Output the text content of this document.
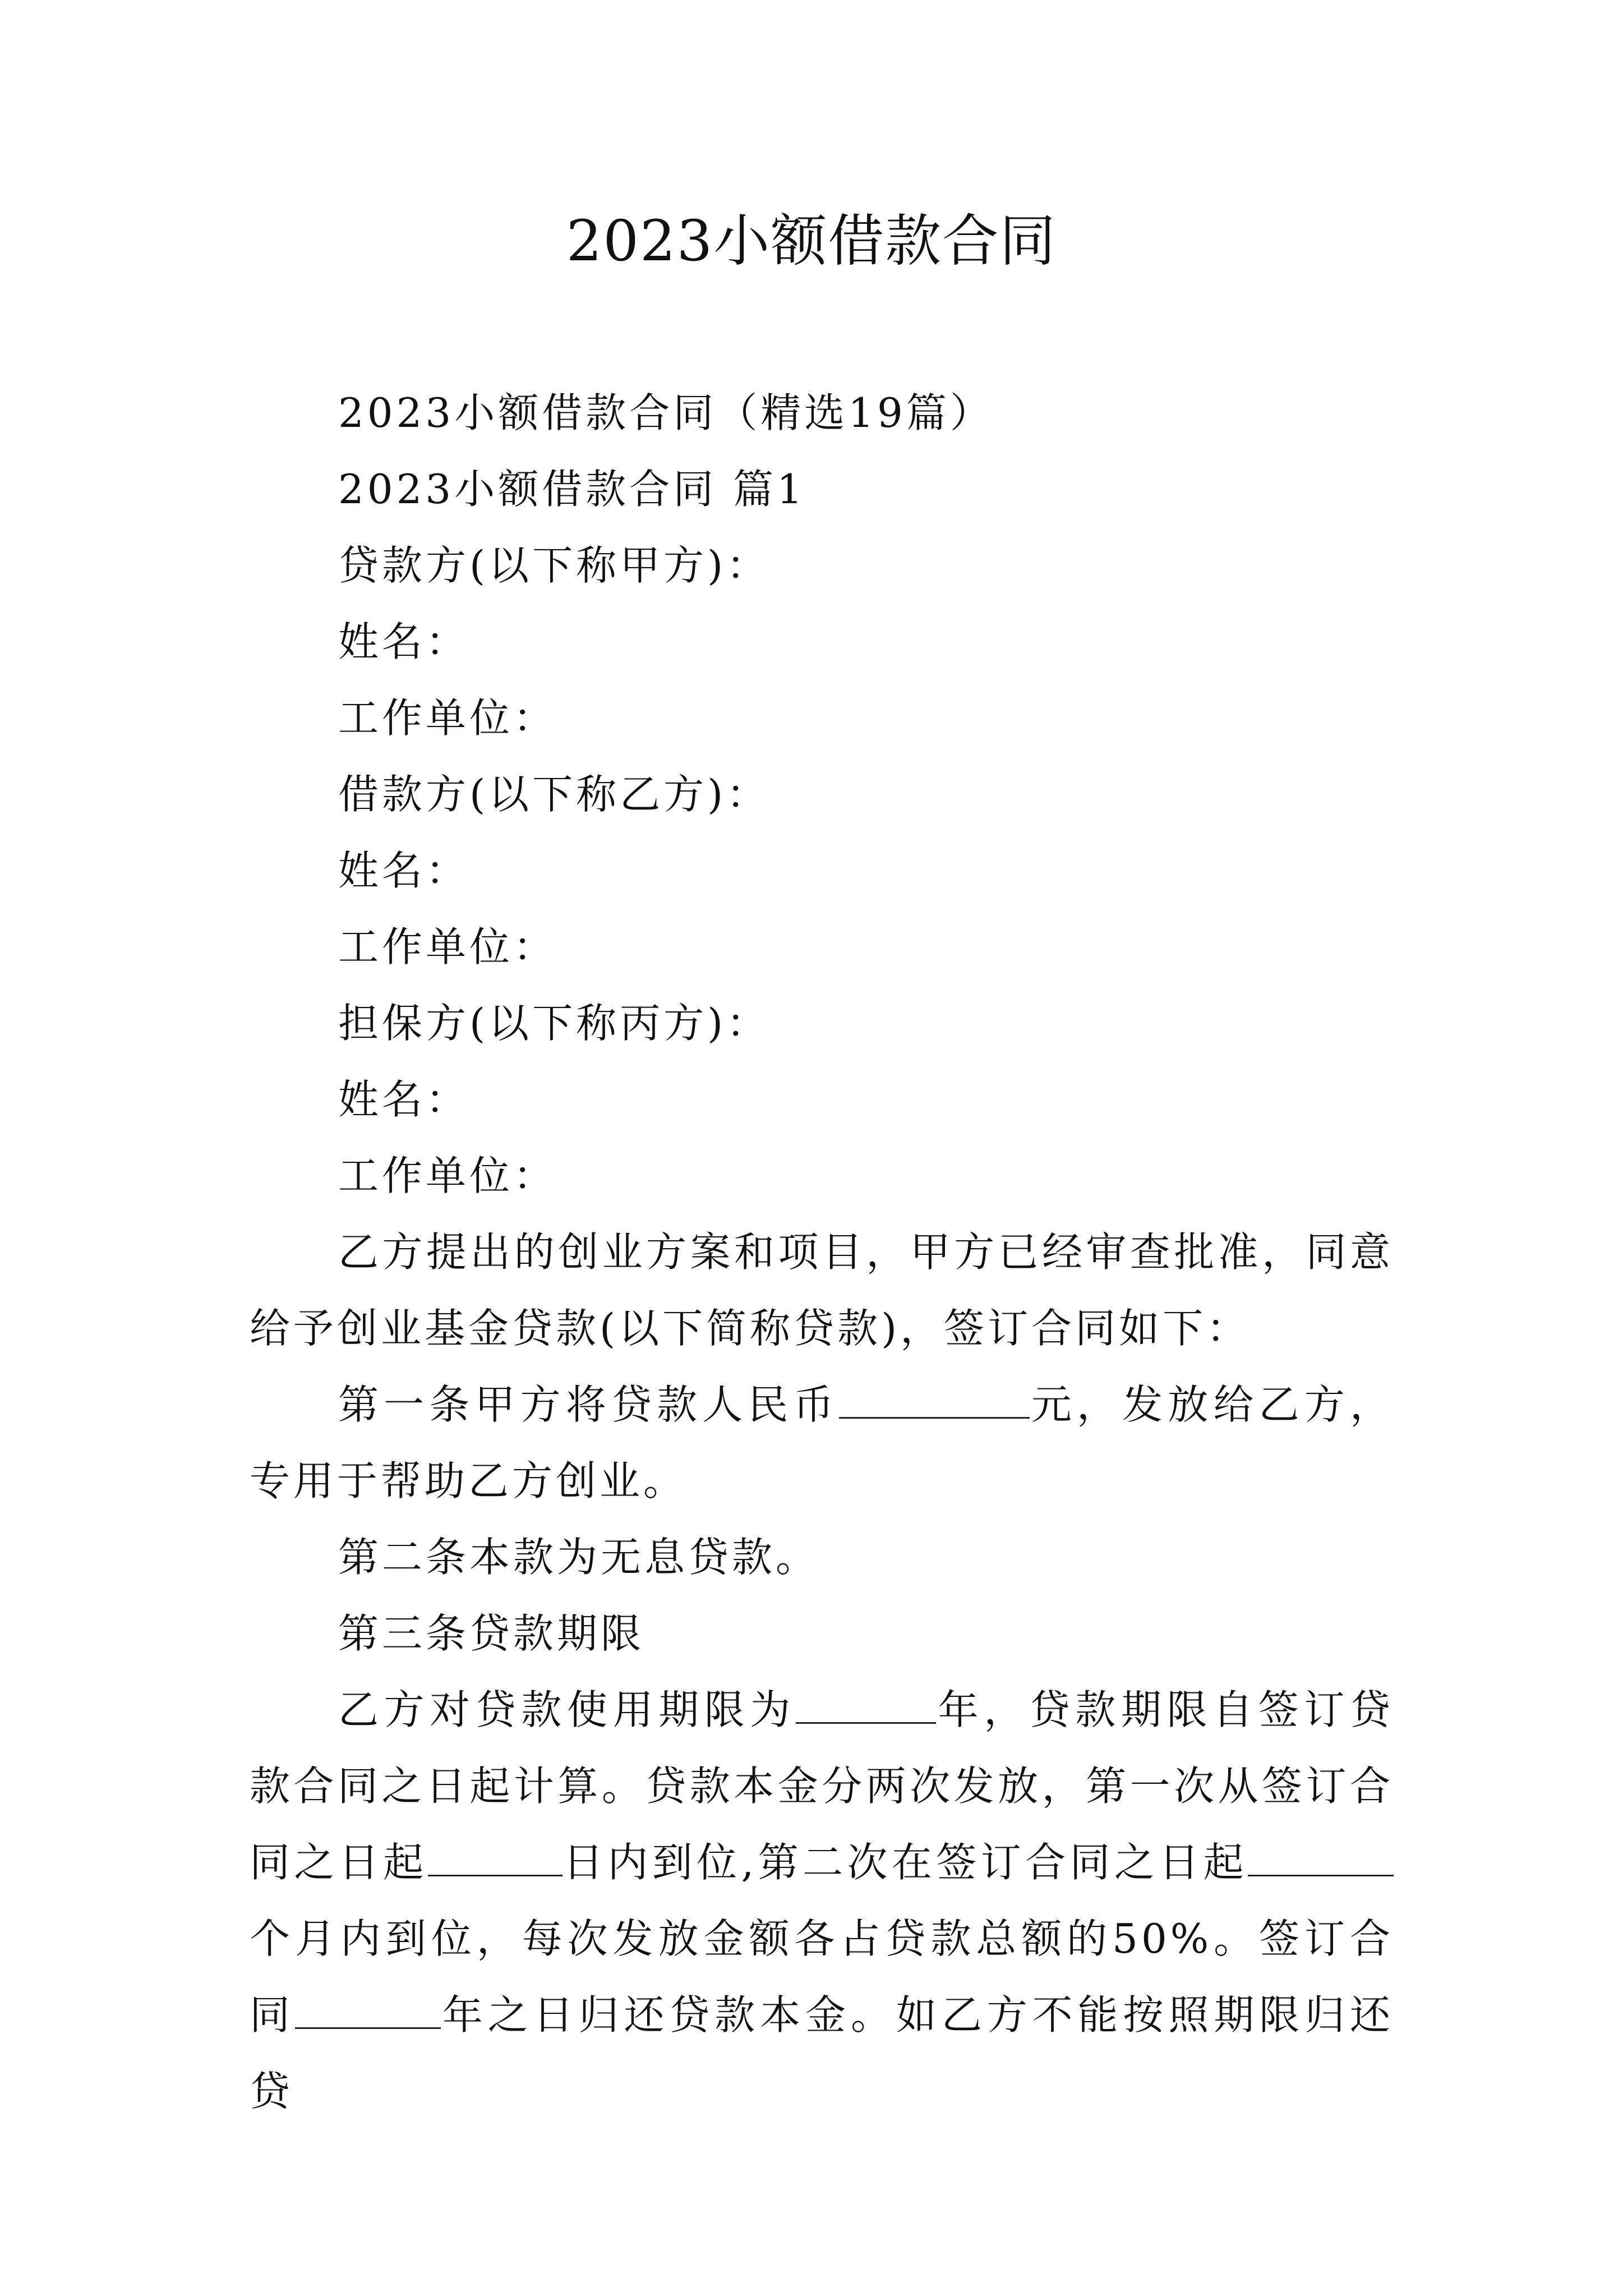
2023小额借款合同

2023小额借款合同（精选19篇）

2023小额借款合同 篇1

贷款方(以下称甲方)：

姓名：

工作单位：

借款方(以下称乙方)：

姓名：

工作单位：

担保方(以下称丙方)：

姓名：

工作单位：

乙方提出的创业方案和项目，甲方已经审查批准，同意给予创业基金贷款(以下简称贷款)，签订合同如下：

第一条甲方将贷款人民币	元，发放给乙方，专用于帮助乙方创业。

第二条本款为无息贷款。

第三条贷款期限

乙方对贷款使用期限为	年，贷款期限自签订贷款合同之日起计算。贷款本金分两次发放，第一次从签订合同之日起	日内到位,第二次在签订合同之日起个月内到位，每次发放金额各占贷款总额的50%。签订合同	年之日归还贷款本金。如乙方不能按照期限归还贷
